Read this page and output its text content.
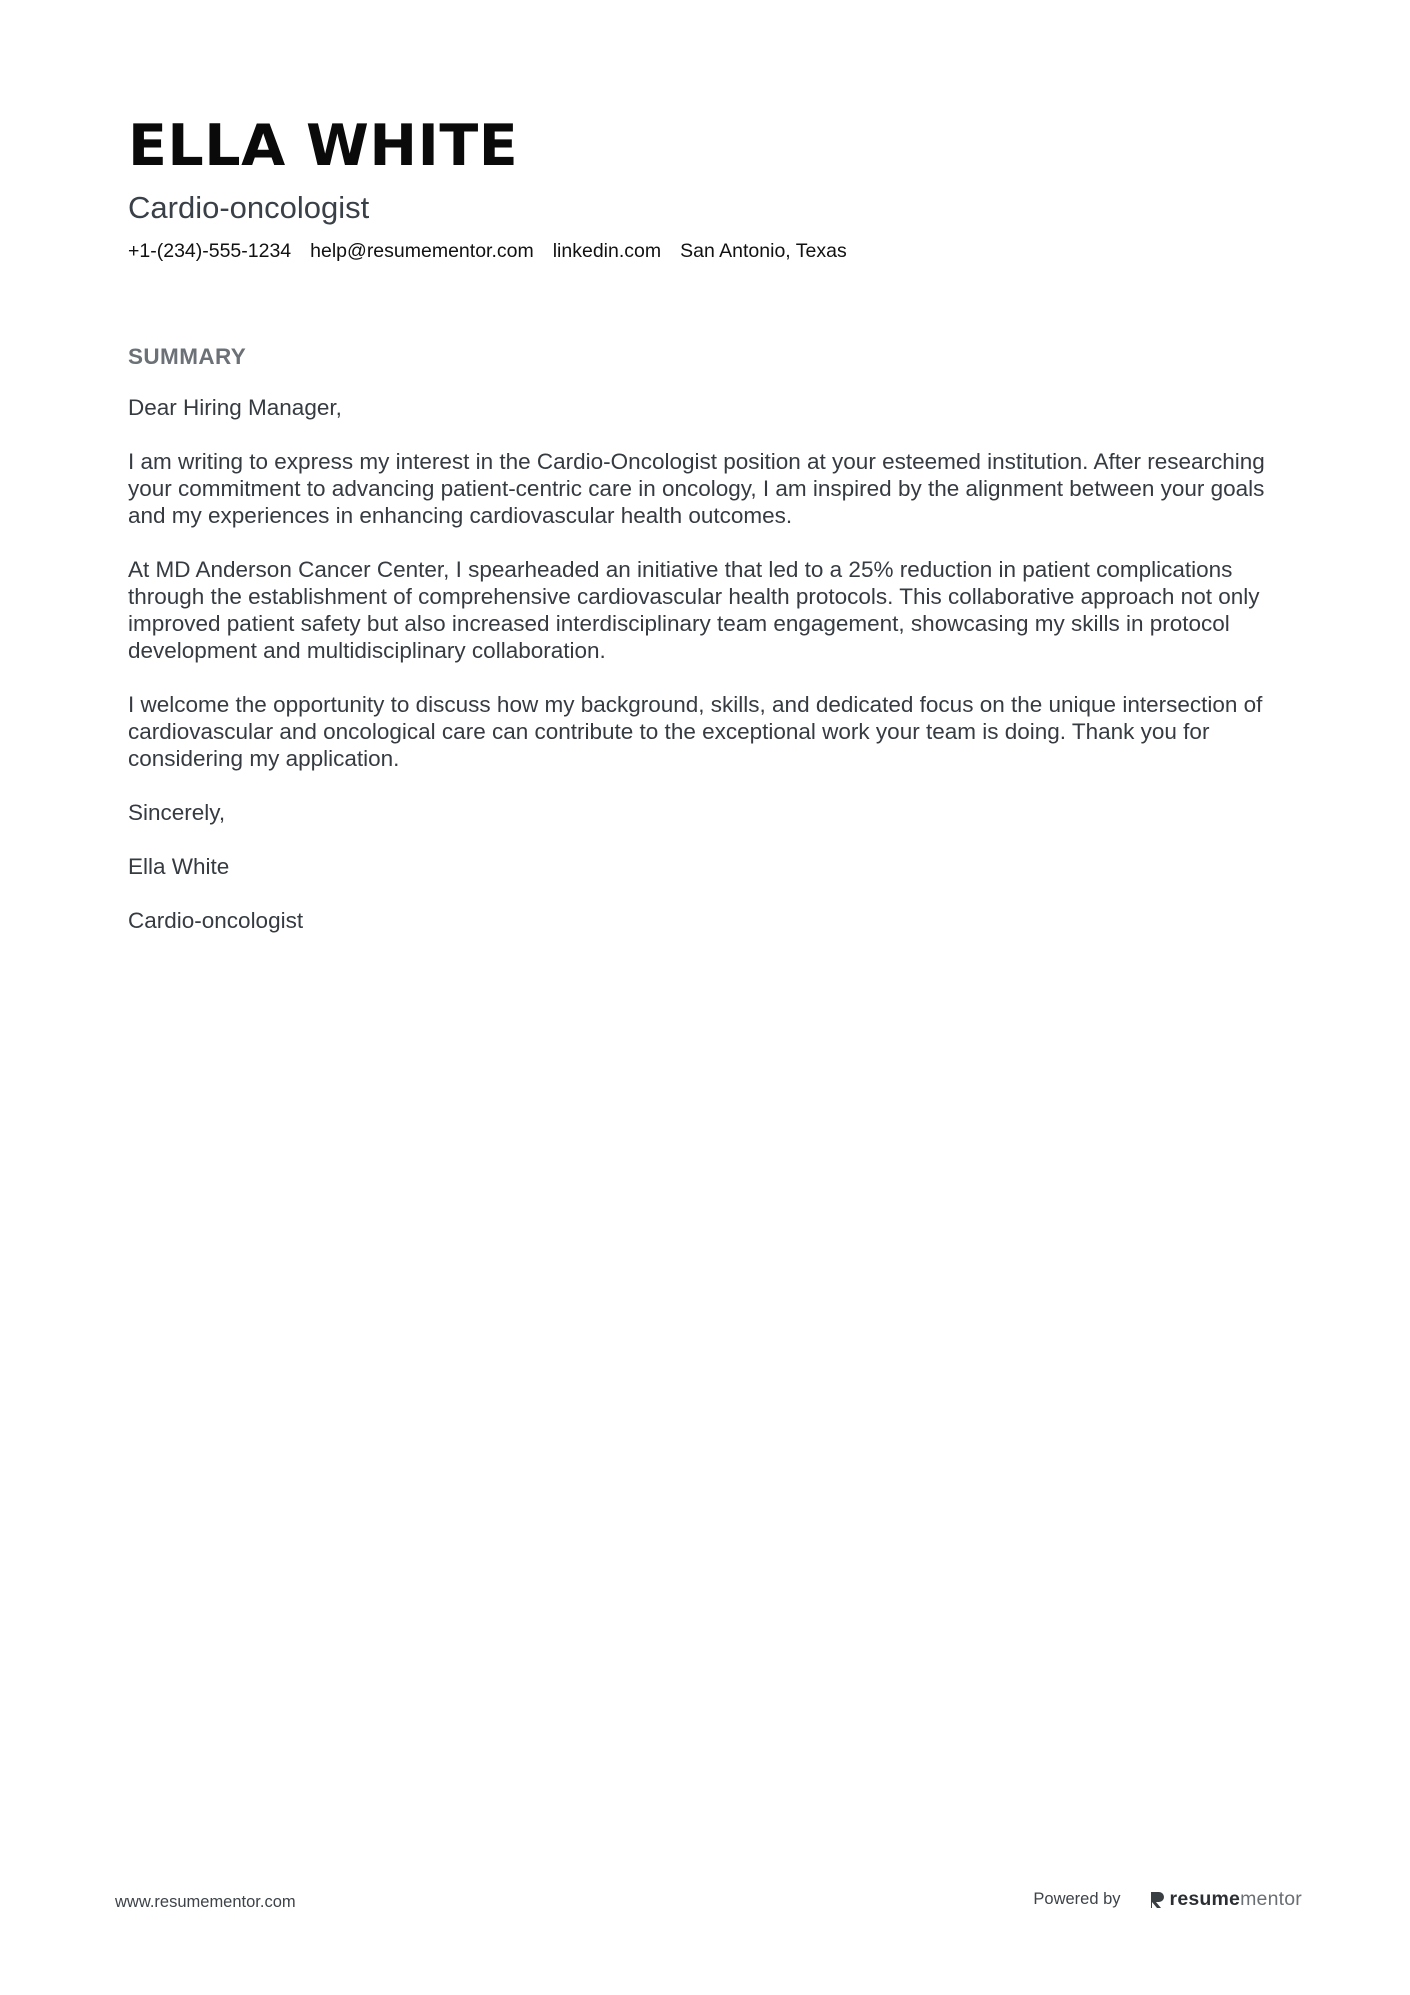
ELLA WHITE
Cardio-oncologist
+1-(234)-555-1234 help@resumementor.com linkedin.com San Antonio, Texas
SUMMARY

Dear Hiring Manager,

I am writing to express my interest in the Cardio-Oncologist position at your esteemed institution. After researching your commitment to advancing patient-centric care in oncology, I am inspired by the alignment between your goals and my experiences in enhancing cardiovascular health outcomes.

At MD Anderson Cancer Center, I spearheaded an initiative that led to a 25% reduction in patient complications through the establishment of comprehensive cardiovascular health protocols. This collaborative approach not only improved patient safety but also increased interdisciplinary team engagement, showcasing my skills in protocol development and multidisciplinary collaboration.

I welcome the opportunity to discuss how my background, skills, and dedicated focus on the unique intersection of cardiovascular and oncological care can contribute to the exceptional work your team is doing. Thank you for considering my application.

Sincerely,

Ella White

Cardio-oncologist

www.resumementor.com	Powered by	resumementor
